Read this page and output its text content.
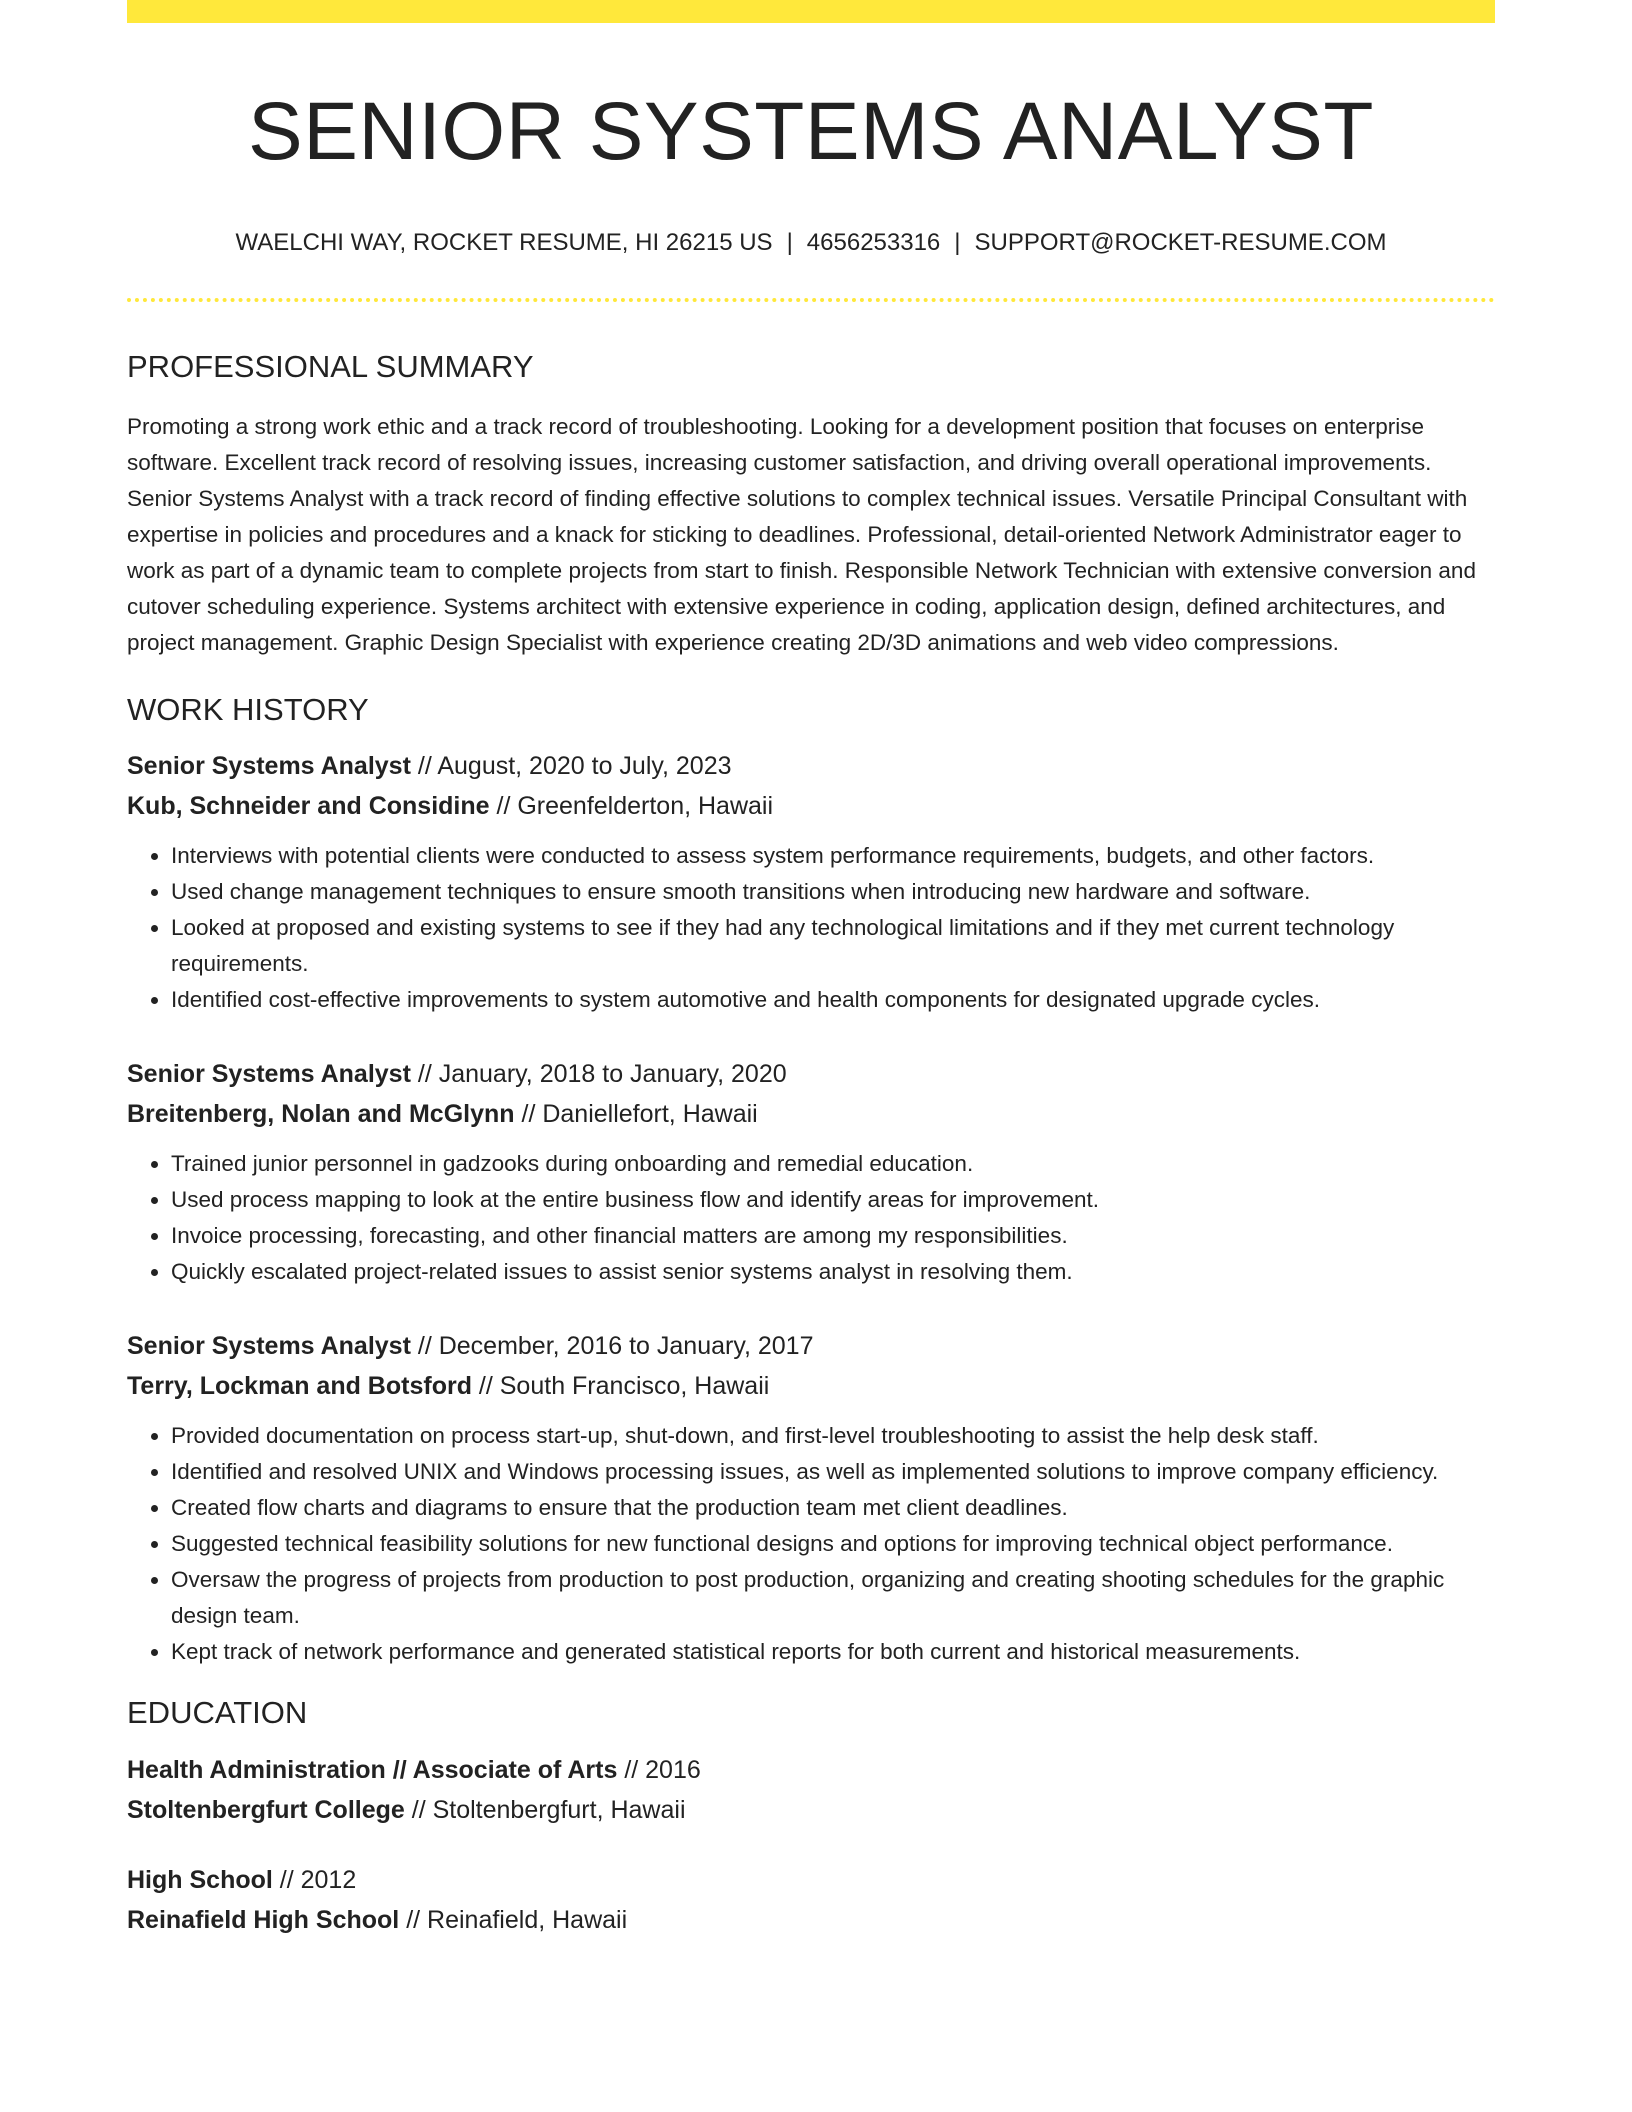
SENIOR SYSTEMS ANALYST
WAELCHI WAY, ROCKET RESUME, HI 26215 US | 4656253316 | SUPPORT@ROCKET-RESUME.COM
PROFESSIONAL SUMMARY

Promoting a strong work ethic and a track record of troubleshooting. Looking for a development position that focuses on enterprise software. Excellent track record of resolving issues, increasing customer satisfaction, and driving overall operational improvements. Senior Systems Analyst with a track record of finding effective solutions to complex technical issues. Versatile Principal Consultant with expertise in policies and procedures and a knack for sticking to deadlines. Professional, detail-oriented Network Administrator eager to work as part of a dynamic team to complete projects from start to finish. Responsible Network Technician with extensive conversion and cutover scheduling experience. Systems architect with extensive experience in coding, application design, defined architectures, and project management. Graphic Design Specialist with experience creating 2D/3D animations and web video compressions.

WORK HISTORY
Senior Systems Analyst // August, 2020 to July, 2023
Kub, Schneider and Considine // Greenfelderton, Hawaii
• Interviews with potential clients were conducted to assess system performance requirements, budgets, and other factors.
• Used change management techniques to ensure smooth transitions when introducing new hardware and software.
• Looked at proposed and existing systems to see if they had any technological limitations and if they met current technology requirements.
• Identified cost-effective improvements to system automotive and health components for designated upgrade cycles.
Senior Systems Analyst // January, 2018 to January, 2020
Breitenberg, Nolan and McGlynn // Daniellefort, Hawaii
• Trained junior personnel in gadzooks during onboarding and remedial education.
• Used process mapping to look at the entire business flow and identify areas for improvement.
• Invoice processing, forecasting, and other financial matters are among my responsibilities.
• Quickly escalated project-related issues to assist senior systems analyst in resolving them.
Senior Systems Analyst // December, 2016 to January, 2017
Terry, Lockman and Botsford // South Francisco, Hawaii
• Provided documentation on process start-up, shut-down, and first-level troubleshooting to assist the help desk staff.
• Identified and resolved UNIX and Windows processing issues, as well as implemented solutions to improve company efficiency.
• Created flow charts and diagrams to ensure that the production team met client deadlines.
• Suggested technical feasibility solutions for new functional designs and options for improving technical object performance.
• Oversaw the progress of projects from production to post production, organizing and creating shooting schedules for the graphic design team.
• Kept track of network performance and generated statistical reports for both current and historical measurements.
EDUCATION
Health Administration // Associate of Arts // 2016
Stoltenbergfurt College // Stoltenbergfurt, Hawaii
High School // 2012
Reinafield High School // Reinafield, Hawaii
